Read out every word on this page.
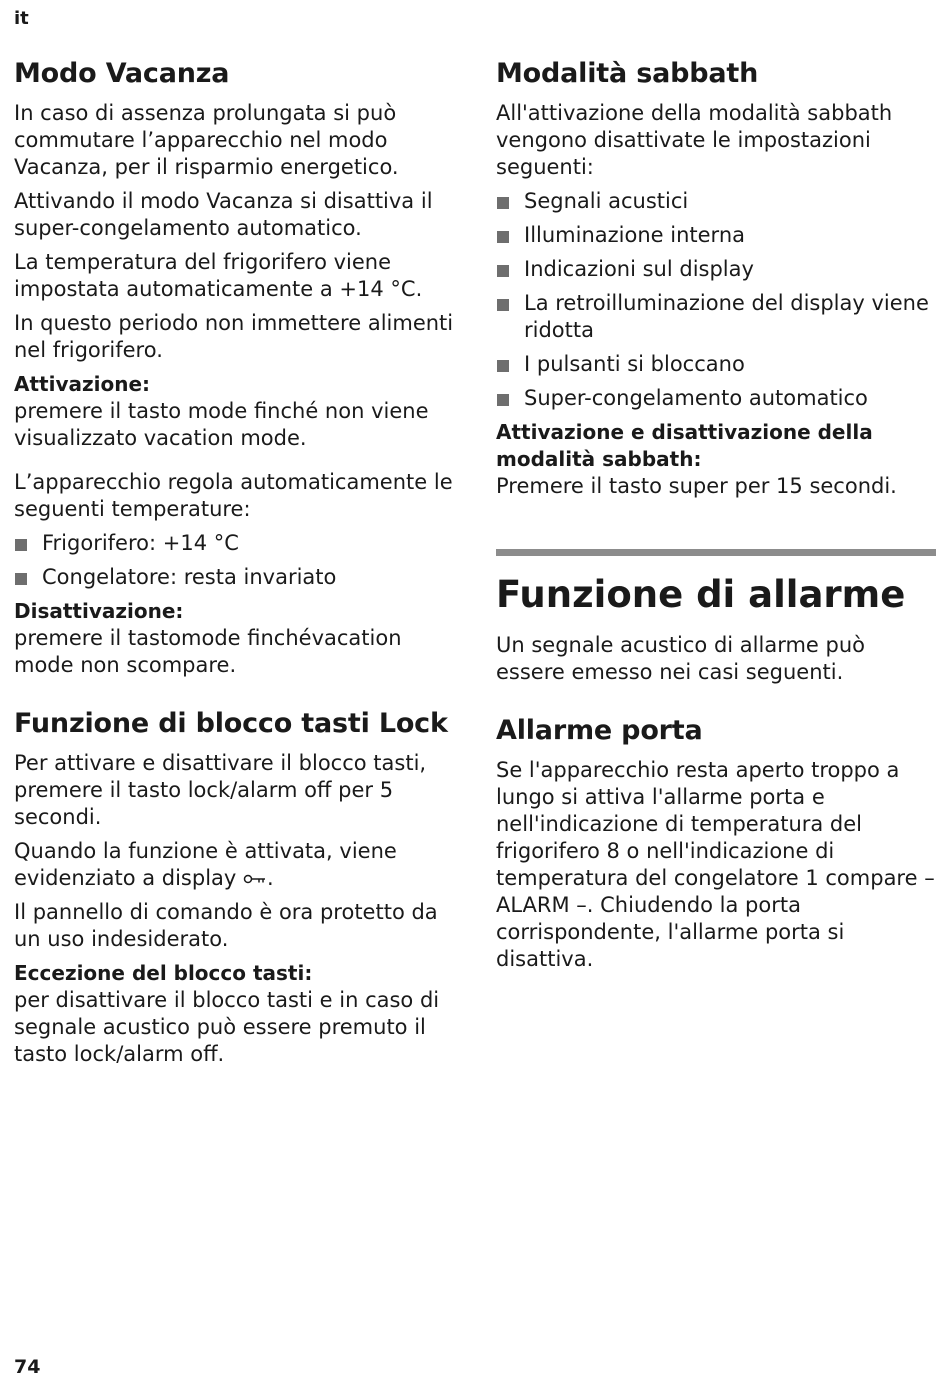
it
Modo Vacanza

In caso di assenza prolungata si può commutare l’apparecchio nel modo Vacanza, per il risparmio energetico.

Attivando il modo Vacanza si disattiva il super-congelamento automatico.

La temperatura del frigorifero viene impostata automaticamente a +14 °C.

In questo periodo non immettere alimenti nel frigorifero.

Attivazione:

premere il tasto mode finché non viene visualizzato vacation mode.

L’apparecchio regola automaticamente le seguenti temperature:

Frigorifero: +14 °C
Congelatore: resta invariato
Disattivazione:

premere il tastomode finchévacation mode non scompare.

Funzione di blocco tasti Lock

Per attivare e disattivare il blocco tasti, premere il tasto lock/alarm off per 5 secondi.

Quando la funzione è attivata, viene evidenziato a display .

Il pannello di comando è ora protetto da un uso indesiderato.

Eccezione del blocco tasti:

per disattivare il blocco tasti e in caso di segnale acustico può essere premuto il tasto lock/alarm off.

Modalità sabbath

All'attivazione della modalità sabbath vengono disattivate le impostazioni seguenti:

Segnali acustici
Illuminazione interna
Indicazioni sul display
La retroilluminazione del display viene ridotta
I pulsanti si bloccano
Super-congelamento automatico
Attivazione e disattivazione della modalità sabbath:

Premere il tasto super per 15 secondi.

Funzione di allarme

Un segnale acustico di allarme può essere emesso nei casi seguenti.

Allarme porta

Se l'apparecchio resta aperto troppo a lungo si attiva l'allarme porta e nell'indicazione di temperatura del frigorifero 8 o nell'indicazione di temperatura del congelatore 1 compare – ALARM –. Chiudendo la porta corrispondente, l'allarme porta si disattiva.

74
